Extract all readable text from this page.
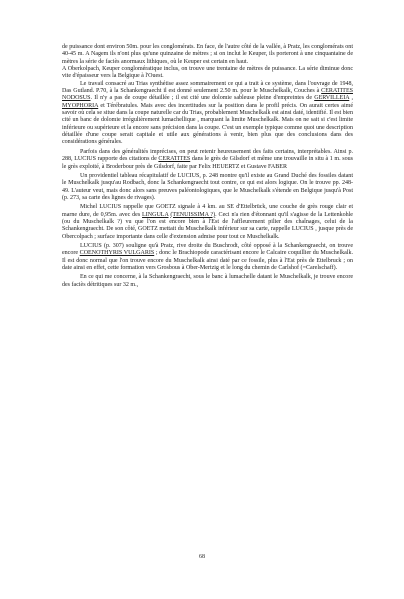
de puissance dont environ 50m. pour les conglomérats. En face, de l'autre côté de la vallée, à Pratz, les conglomérats ont 40-45 m. A Nagem ils n'ont plus qu'une quinzaine de mètres ; si on inclut le Keuper, ils porteront à une cinquantaine de mètres la série de faciès anormaux lithiques, où le Keuper est certain en haut.

A Oberkolpach, Keuper conglomératique inclus, on trouve une trentaine de mètres de puissance. La série diminue donc vite d'épaisseur vers la Belgique à l'Ouest.

Le travail consacré au Trias synthétise assez sommairement ce qui a trait à ce système, dans l'ouvrage de 1948, Das Gutland. P.70, à la Schankengraecht il est donné seulement 2.50 m. pour le Muschelkalk, Couches à CERATITES NODOSUS. Il n'y a pas de coupe détaillée ; il est cité une dolomie sableuse pleine d'empreintes de GERVILLEIA , MYOPHORIA et Térébratules. Mais avec des incertitudes sur la position dans le profil précis. On aurait certes aimé savoir où cela se situe dans la coupe naturelle car du Trias, probablement Muschelkalk est ainsi daté, identifié. Il est bien cité un banc de dolomie irrégulièrement lumachellique , marquant la limite Muschelkalk. Mais on ne sait si c'est limite inférieure ou supérieure et la encore sans précision dans la coupe. C'est un exemple typique comme quoi une description détaillée d'une coupe serait capitale et utile aux générations à venir, bien plus que des conclusions dans des considérations générales.

Parfois dans des généralités imprécises, on peut retenir heureusement des faits certains, interprétables. Ainsi p. 288, LUCIUS rapporte des citations de CERATITES dans le grès de Gilsdorf et même une trouvaille in situ à 1 m. sous le grès exploité, à Broderbour près de Gilsdorf, faite par Felix HEUERTZ et Gustave FABER

Un providentiel tableau récapitulatif de LUCIUS, p. 248 montre qu'il existe au Grand Duché des fossiles datant le Muschelkalk jusqu'au Rodbach, donc la Schankengraecht tout contre, ce qui est alors logique. On le trouve pp. 248-49. L'auteur veut, mais donc alors sans preuves paléontologiques, que le Muschelkalk s'étende en Belgique jusqu'à Post (p. 273, sa carte des lignes de rivages).

Michel LUCIUS rappelle que GOETZ signale à 4 km. au SE d'Ettelbrück, une couche de grès rouge clair et marne dure, de 0,95m. avec des LINGULA (TENUISSIMA ?). Ceci n'a rien d'étonnant qu'il s'agisse de la Lettenkohle (ou du Muschelkalk ?) vu que l'on est encore bien à l'Est de l'affleurement pilier des chaînages, celui de la Schankengraecht. De son côté, GOETZ mettait du Muschelkalk inférieur sur sa carte, rappelle LUCIUS , jusque près de Obercolpach ; surface importante dans celle d'extension admise pour tout ce Muschelkalk.

LUCIUS (p. 307) souligne qu'à Pratz, rive droite du Buschrodt, côté opposé à la Schankengraecht, on trouve encore COENOTHYRIS VULGARIS ; donc le Brachiopode caractérisant encore le Calcaire coquillier du Muschelkalk. Il est donc normal que l'on trouve encore du Muschelkalk ainsi daté par ce fossile, plus à l'Est près de Ettelbruck ; on date ainsi en effet, cette formation vers Grosbous à Ober-Mertzig et le long du chemin de Carlshof (=Carelschaff).

En ce qui me concerne, à la Schankengraecht, sous le banc à lumachelle datant le Muschelkalk, je trouve encore des faciès détritiques sur 32 m.,

68
